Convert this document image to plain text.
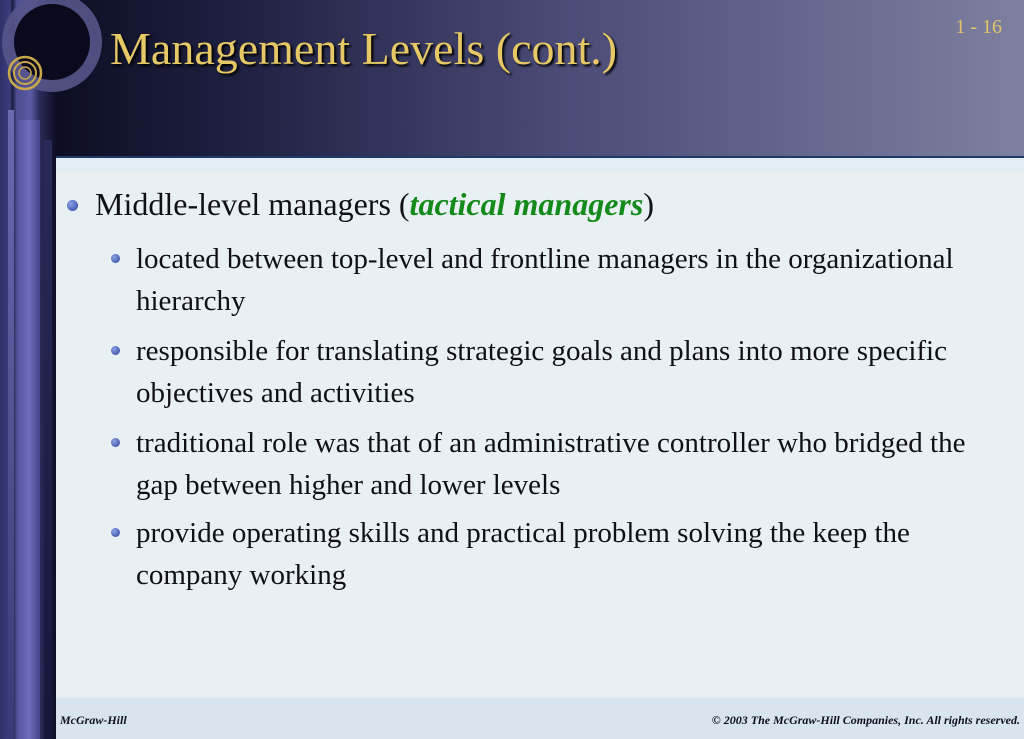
1 - 16
Management Levels (cont.)
Middle-level managers (tactical managers)
located between top-level and frontline managers in the organizational hierarchy
responsible for translating strategic goals and plans into more specific objectives and activities
traditional role was that of an administrative controller who bridged the gap between higher and lower levels
provide operating skills and practical problem solving the keep the company working
McGraw-Hill	© 2003 The McGraw-Hill Companies, Inc. All rights reserved.
